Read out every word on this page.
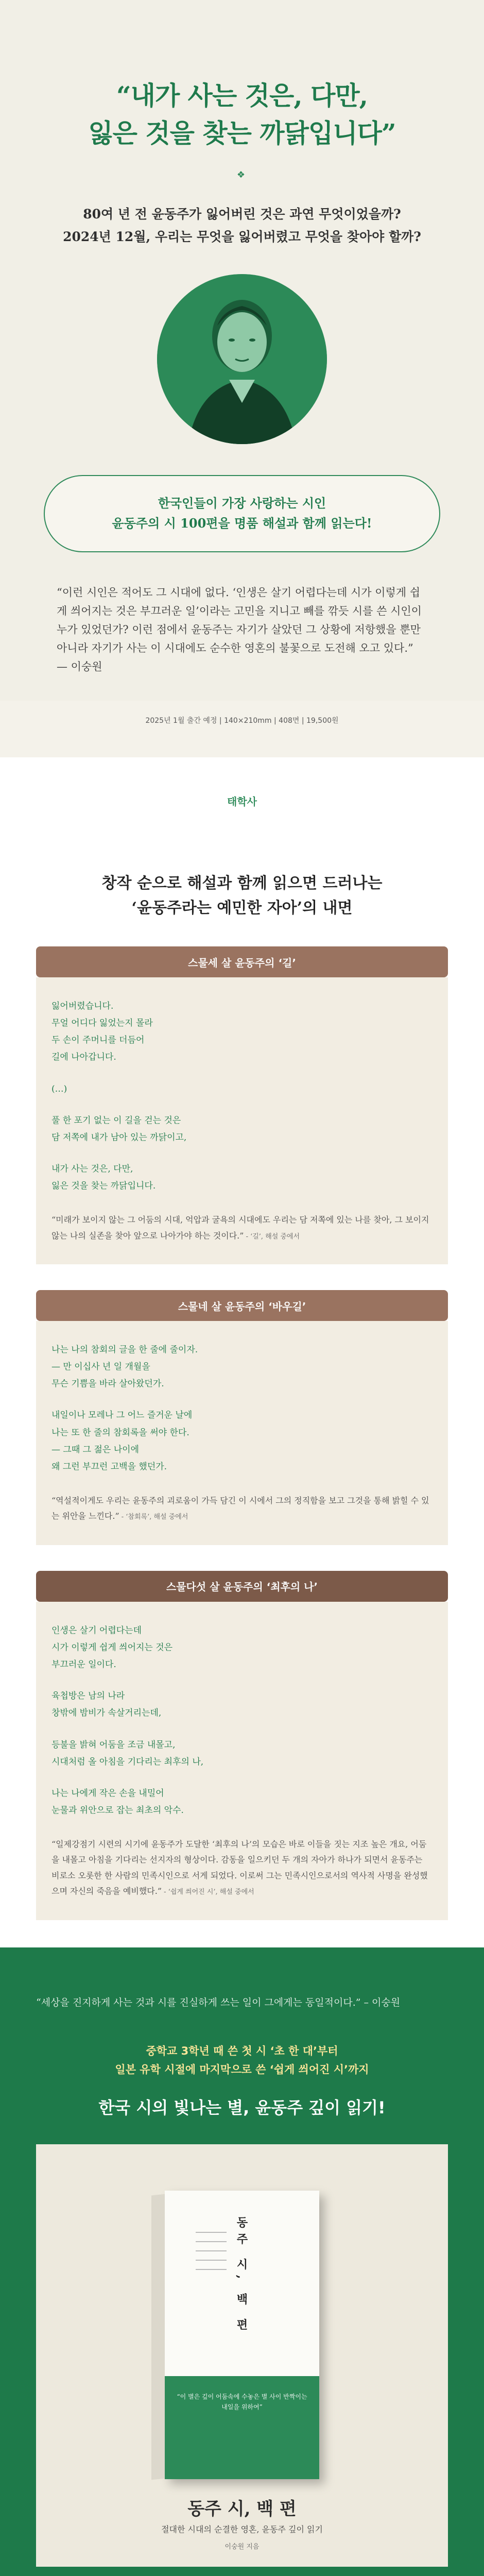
“내가 사는 것은, 다만,
잃은 것을 찾는 까닭입니다”
❖
80여 년 전 윤동주가 잃어버린 것은 과연 무엇이었을까?
2024년 12월, 우리는 무엇을 잃어버렸고 무엇을 찾아야 할까?

한국인들이 가장 사랑하는 시인

윤동주의 시 100편을 명품 해설과 함께 읽는다!

“이런 시인은 적어도 그 시대에 없다. ‘인생은 살기 어렵다는데 시가 이렇게 쉽게 씌어지는 것은 부끄러운 일’이라는 고민을 지니고 빼를 깎듯 시를 쓴 시인이 누가 있었던가? 이런 점에서 윤동주는 자기가 살았던 그 상황에 저항했을 뿐만 아니라 자기가 사는 이 시대에도 순수한 영혼의 불꽃으로 도전해 오고 있다.” — 이숭원

창작 순으로 해설과 함께 읽으면 드러나는
‘윤동주라는 예민한 자아’의 내면
스물세 살 윤동주의 ‘길’

잃어버렸습니다.
무얼 어디다 잃었는지 몰라
두 손이 주머니를 더듬어
길에 나아갑니다.

(…)

풀 한 포기 없는 이 길을 걷는 것은
담 저쪽에 내가 남아 있는 까닭이고,

내가 사는 것은, 다만,
잃은 것을 찾는 까닭입니다.

“미래가 보이지 않는 그 어둠의 시대, 억압과 굴욕의 시대에도 우리는 담 저쪽에 있는 나를 찾아, 그 보이지 않는 나의 실존을 찾아 앞으로 나아가야 하는 것이다.” - ‘길’, 해설 중에서

스물네 살 윤동주의 ‘바우길’

나는 나의 참회의 글을 한 줄에 줄이자.
— 만 이십사 년 일 개월을
무슨 기쁨을 바라 살아왔던가.

내일이나 모레나 그 어느 즐거운 날에
나는 또 한 줄의 참회록을 써야 한다.
— 그때 그 젊은 나이에
왜 그런 부끄런 고백을 했던가.

“역설적이게도 우리는 윤동주의 괴로움이 가득 담긴 이 시에서 그의 정직함을 보고 그것을 통해 밝힐 수 있는 위안을 느낀다.” - ‘참회록’, 해설 중에서

스물다섯 살 윤동주의 ‘최후의 나’

인생은 살기 어렵다는데
시가 이렇게 쉽게 씌어지는 것은
부끄러운 일이다.

육첩방은 남의 나라
창밖에 밤비가 속살거리는데,

등불을 밝혀 어둠을 조금 내몰고,
시대처럼 올 아침을 기다리는 최후의 나,

나는 나에게 작은 손을 내밀어
눈물과 위안으로 잡는 최초의 악수.

“일제강점기 시련의 시기에 윤동주가 도달한 ‘최후의 나’의 모습은 바로 이들을 짓는 지조 높은 개요, 어둠을 내몰고 아침을 기다리는 선지자의 형상이다. 감동을 일으키던 두 개의 자아가 하나가 되면서 윤동주는 비로소 오롯한 한 사람의 민족시인으로 서게 되었다. 이로써 그는 민족시인으로서의 역사적 사명을 완성했으며 자신의 죽음을 예비했다.” - ‘쉽게 씌어진 시’, 해설 중에서

“세상을 진지하게 사는 것과 시를 진실하게 쓰는 일이 그에게는 동일적이다.” – 이숭원

중학교 3학년 때 쓴 첫 시 ‘초 한 대’부터
일본 유학 시절에 마지막으로 쓴 ‘쉽게 씌어진 시’까지
한국 시의 빛나는 별, 윤동주 깊이 읽기!
동주 시, 백 편
“이 별은 깊이 어둠속에 수놓은 별 사이 반짝이는 내일을 위하여”
동주 시, 백 편
절대한 시대의 순결한 영혼, 윤동주 깊이 읽기
이숭원 지음
2025년 1월 출간 예정 | 140×210mm | 408면 | 19,500원
태학사
